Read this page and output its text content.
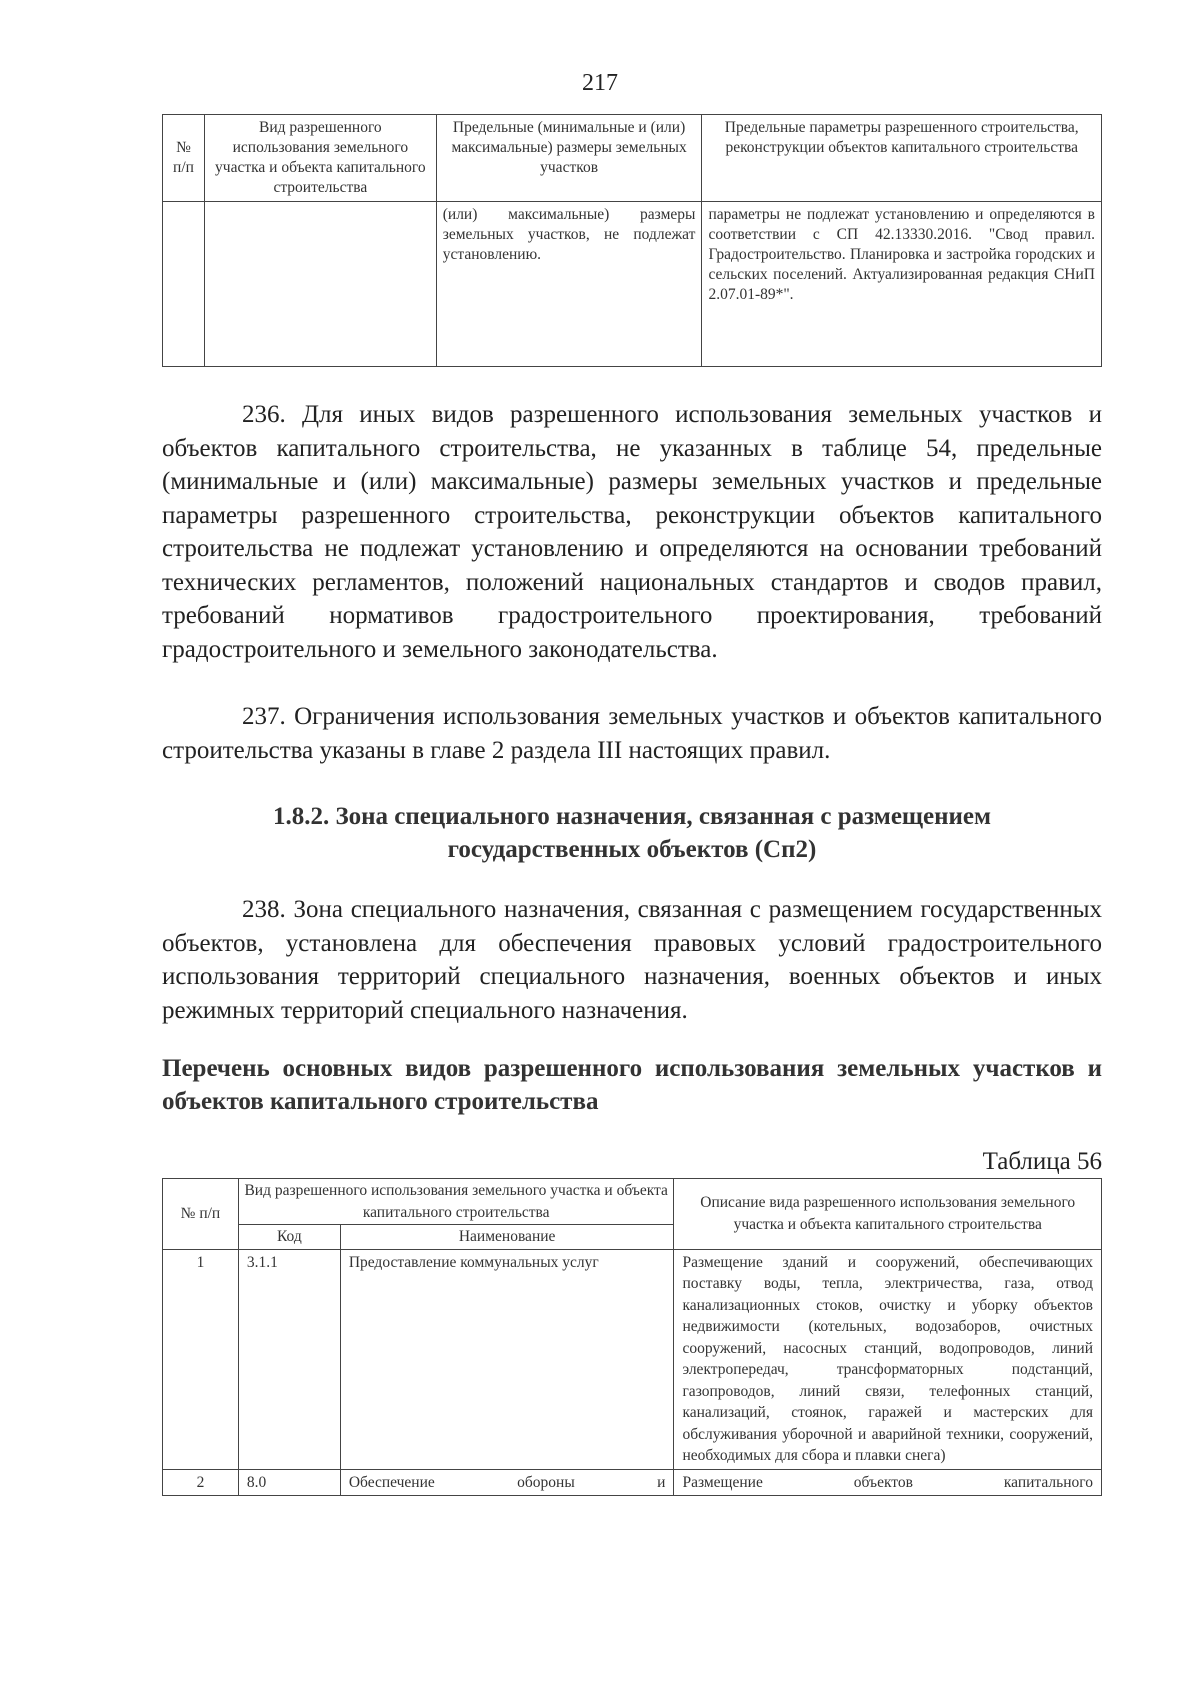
217
№ п/п	Вид разрешенного использования земельного участка и объекта капитального строительства	Предельные (минимальные и (или) максимальные) размеры земельных участков	Предельные параметры разрешенного строительства, реконструкции объектов капитального строительства
		(или) максимальные) размеры земельных участков, не подлежат установлению.	параметры не подлежат установлению и определяются в соответствии с СП 42.13330.2016. "Свод правил. Градостроительство. Планировка и застройка городских и сельских поселений. Актуализированная редакция СНиП 2.07.01-89*".

236. Для иных видов разрешенного использования земельных участков и объектов капитального строительства, не указанных в таблице 54, предельные (минимальные и (или) максимальные) размеры земельных участков и предельные параметры разрешенного строительства, реконструкции объектов капитального строительства не подлежат установлению и определяются на основании требований технических регламентов, положений национальных стандартов и сводов правил, требований нормативов градостроительного проектирования, требований градостроительного и земельного законодательства.

237. Ограничения использования земельных участков и объектов капитального строительства указаны в главе 2 раздела III настоящих правил.

1.8.2. Зона специального назначения, связанная с размещением
государственных объектов (Сп2)

238. Зона специального назначения, связанная с размещением государственных объектов, установлена для обеспечения правовых условий градостроительного использования территорий специального назначения, военных объектов и иных режимных территорий специального назначения.

Перечень основных видов разрешенного использования земельных участков и объектов капитального строительства

Таблица 56
№ п/п	Вид разрешенного использования земельного участка и объекта капитального строительства		Описание вида разрешенного использования земельного участка и объекта капитального строительства
	Код	Наименование	
1	3.1.1	Предоставление коммунальных услуг	Размещение зданий и сооружений, обеспечивающих поставку воды, тепла, электричества, газа, отвод канализационных стоков, очистку и уборку объектов недвижимости (котельных, водозаборов, очистных сооружений, насосных станций, водопроводов, линий электропередач, трансформаторных подстанций, газопроводов, линий связи, телефонных станций, канализаций, стоянок, гаражей и мастерских для обслуживания уборочной и аварийной техники, сооружений, необходимых для сбора и плавки снега)
2	8.0	Обеспечение обороны и	Размещение объектов капитального
